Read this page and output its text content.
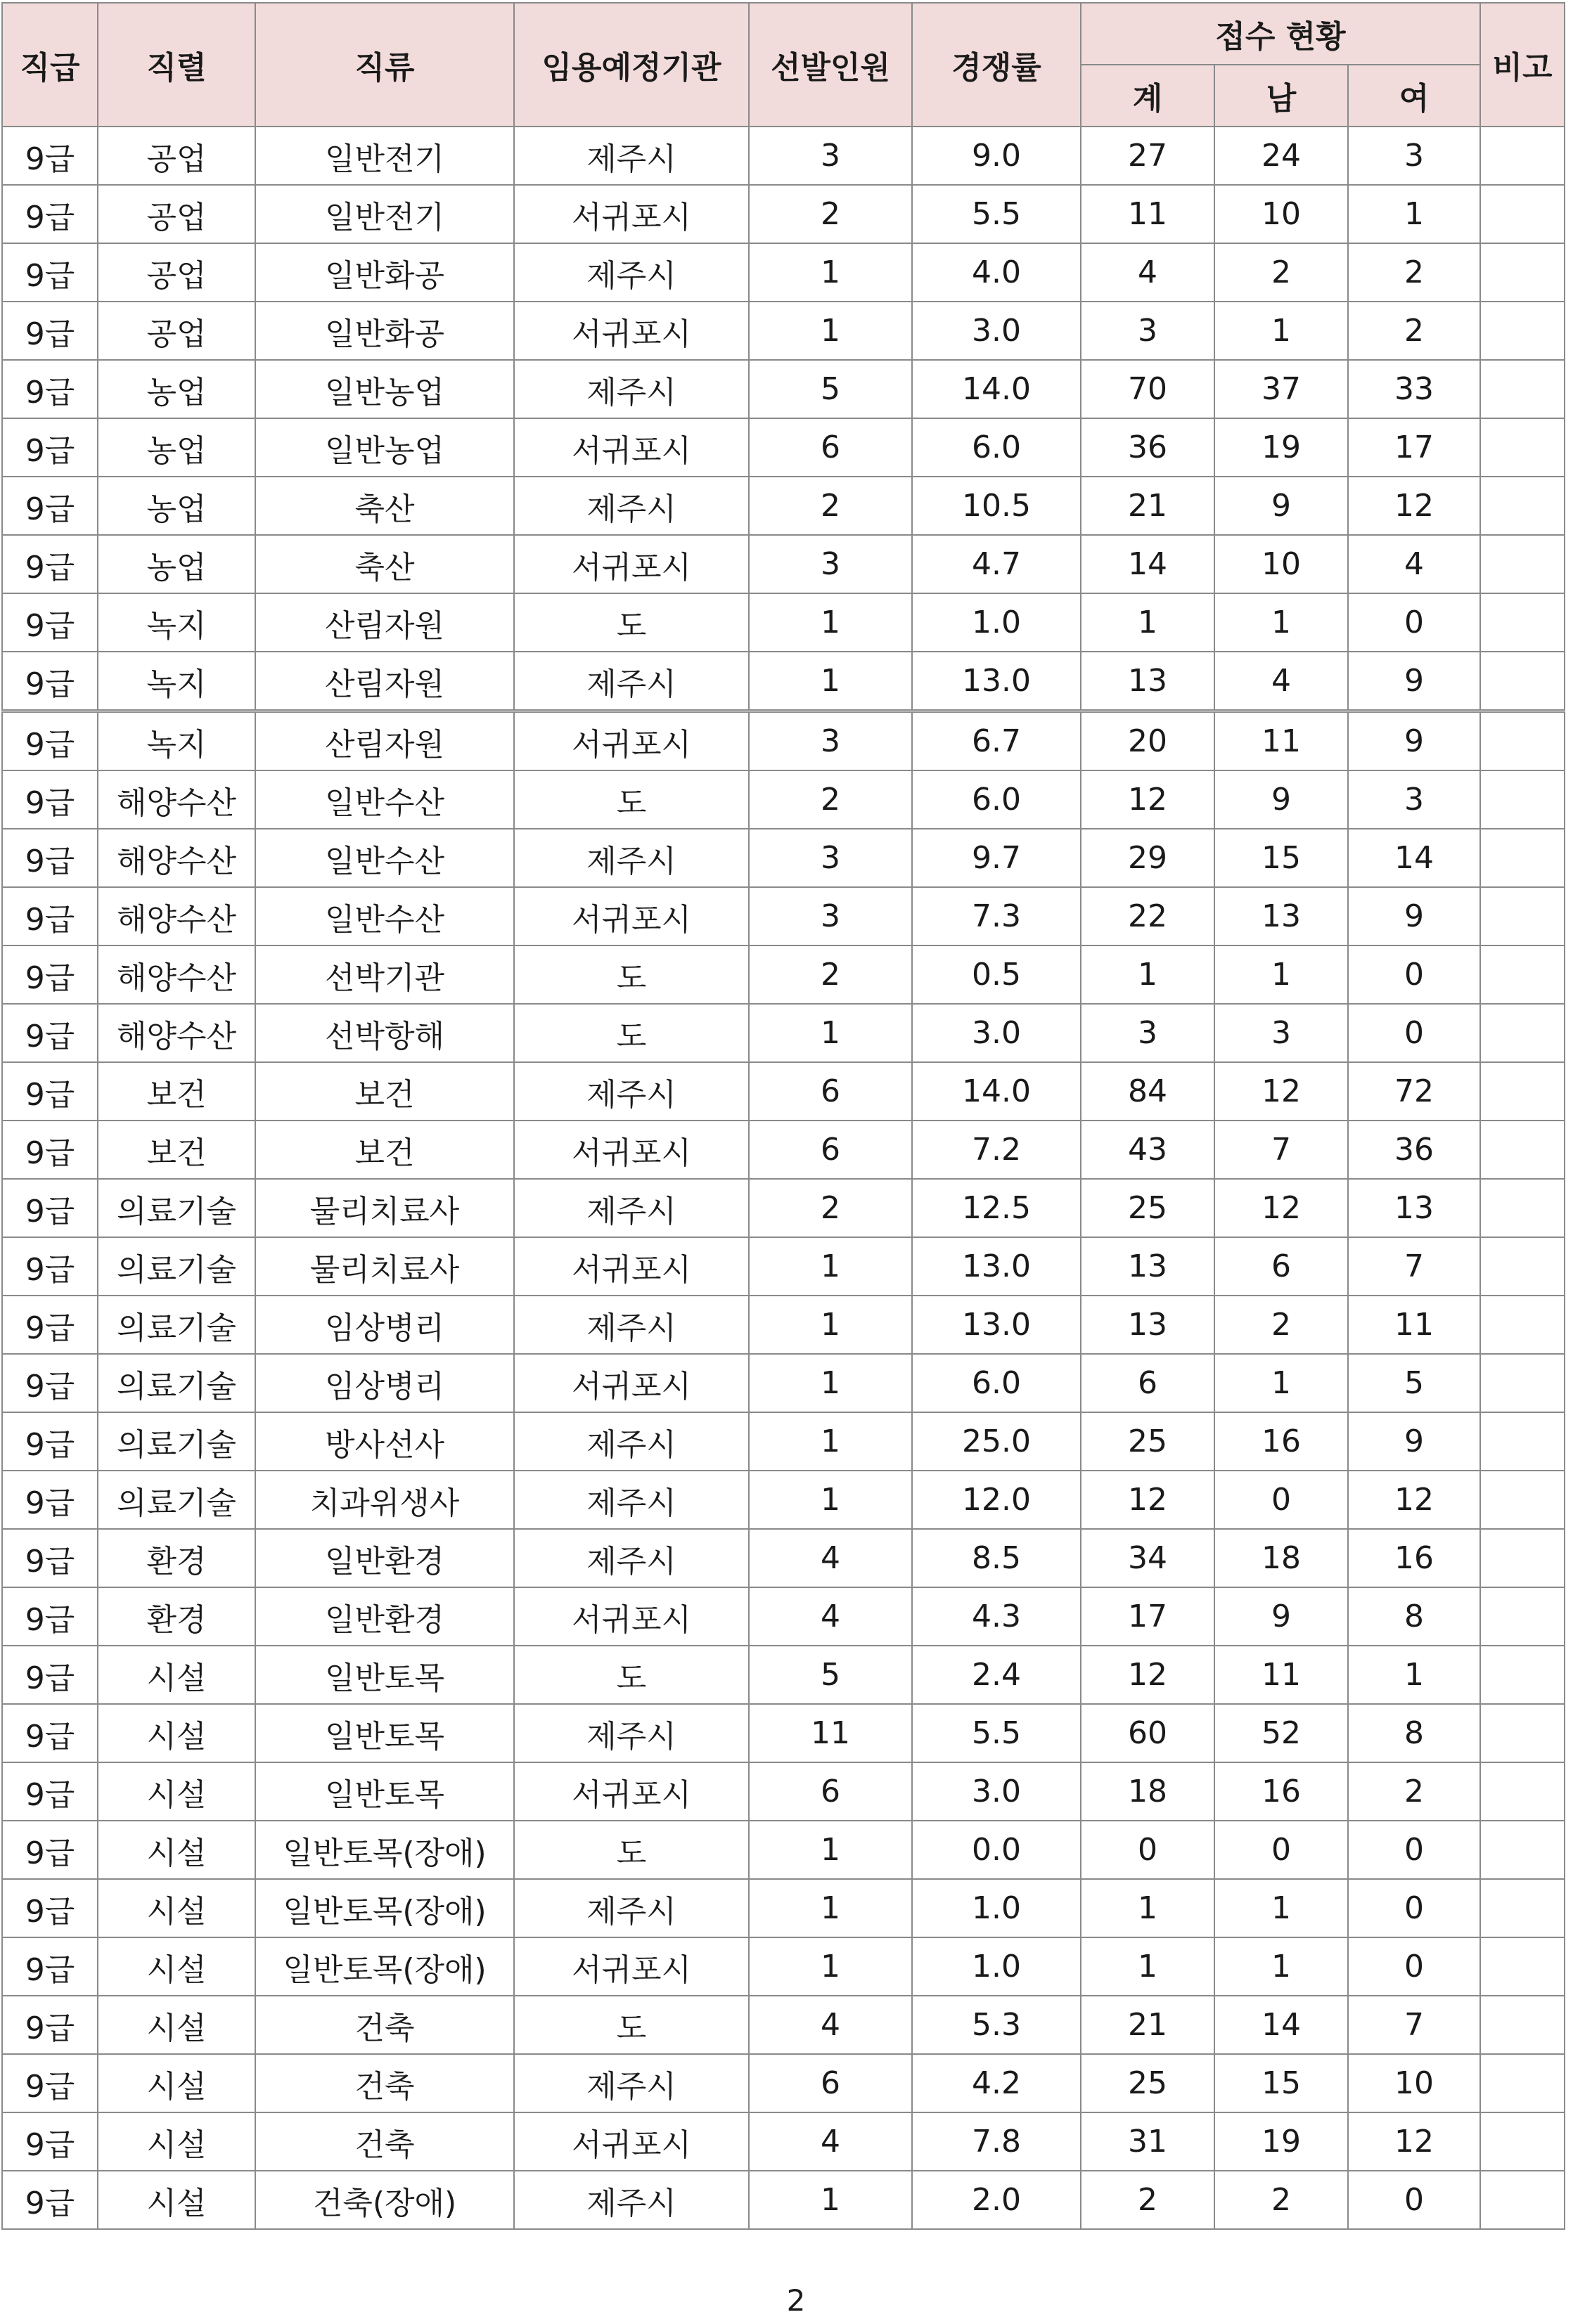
직급	직렬	직류	임용예정기관	선발인원	경쟁률	접수 현황			비고
						계	남	여	
9급	공업	일반전기	제주시	3	9.0	27	24	3	
9급	공업	일반전기	서귀포시	2	5.5	11	10	1	
9급	공업	일반화공	제주시	1	4.0	4	2	2	
9급	공업	일반화공	서귀포시	1	3.0	3	1	2	
9급	농업	일반농업	제주시	5	14.0	70	37	33	
9급	농업	일반농업	서귀포시	6	6.0	36	19	17	
9급	농업	축산	제주시	2	10.5	21	9	12	
9급	농업	축산	서귀포시	3	4.7	14	10	4	
9급	녹지	산림자원	도	1	1.0	1	1	0	
9급	녹지	산림자원	제주시	1	13.0	13	4	9	
9급	녹지	산림자원	서귀포시	3	6.7	20	11	9	
9급	해양수산	일반수산	도	2	6.0	12	9	3	
9급	해양수산	일반수산	제주시	3	9.7	29	15	14	
9급	해양수산	일반수산	서귀포시	3	7.3	22	13	9	
9급	해양수산	선박기관	도	2	0.5	1	1	0	
9급	해양수산	선박항해	도	1	3.0	3	3	0	
9급	보건	보건	제주시	6	14.0	84	12	72	
9급	보건	보건	서귀포시	6	7.2	43	7	36	
9급	의료기술	물리치료사	제주시	2	12.5	25	12	13	
9급	의료기술	물리치료사	서귀포시	1	13.0	13	6	7	
9급	의료기술	임상병리	제주시	1	13.0	13	2	11	
9급	의료기술	임상병리	서귀포시	1	6.0	6	1	5	
9급	의료기술	방사선사	제주시	1	25.0	25	16	9	
9급	의료기술	치과위생사	제주시	1	12.0	12	0	12	
9급	환경	일반환경	제주시	4	8.5	34	18	16	
9급	환경	일반환경	서귀포시	4	4.3	17	9	8	
9급	시설	일반토목	도	5	2.4	12	11	1	
9급	시설	일반토목	제주시	11	5.5	60	52	8	
9급	시설	일반토목	서귀포시	6	3.0	18	16	2	
9급	시설	일반토목(장애)	도	1	0.0	0	0	0	
9급	시설	일반토목(장애)	제주시	1	1.0	1	1	0	
9급	시설	일반토목(장애)	서귀포시	1	1.0	1	1	0	
9급	시설	건축	도	4	5.3	21	14	7	
9급	시설	건축	제주시	6	4.2	25	15	10	
9급	시설	건축	서귀포시	4	7.8	31	19	12	
9급	시설	건축(장애)	제주시	1	2.0	2	2	0	
2
